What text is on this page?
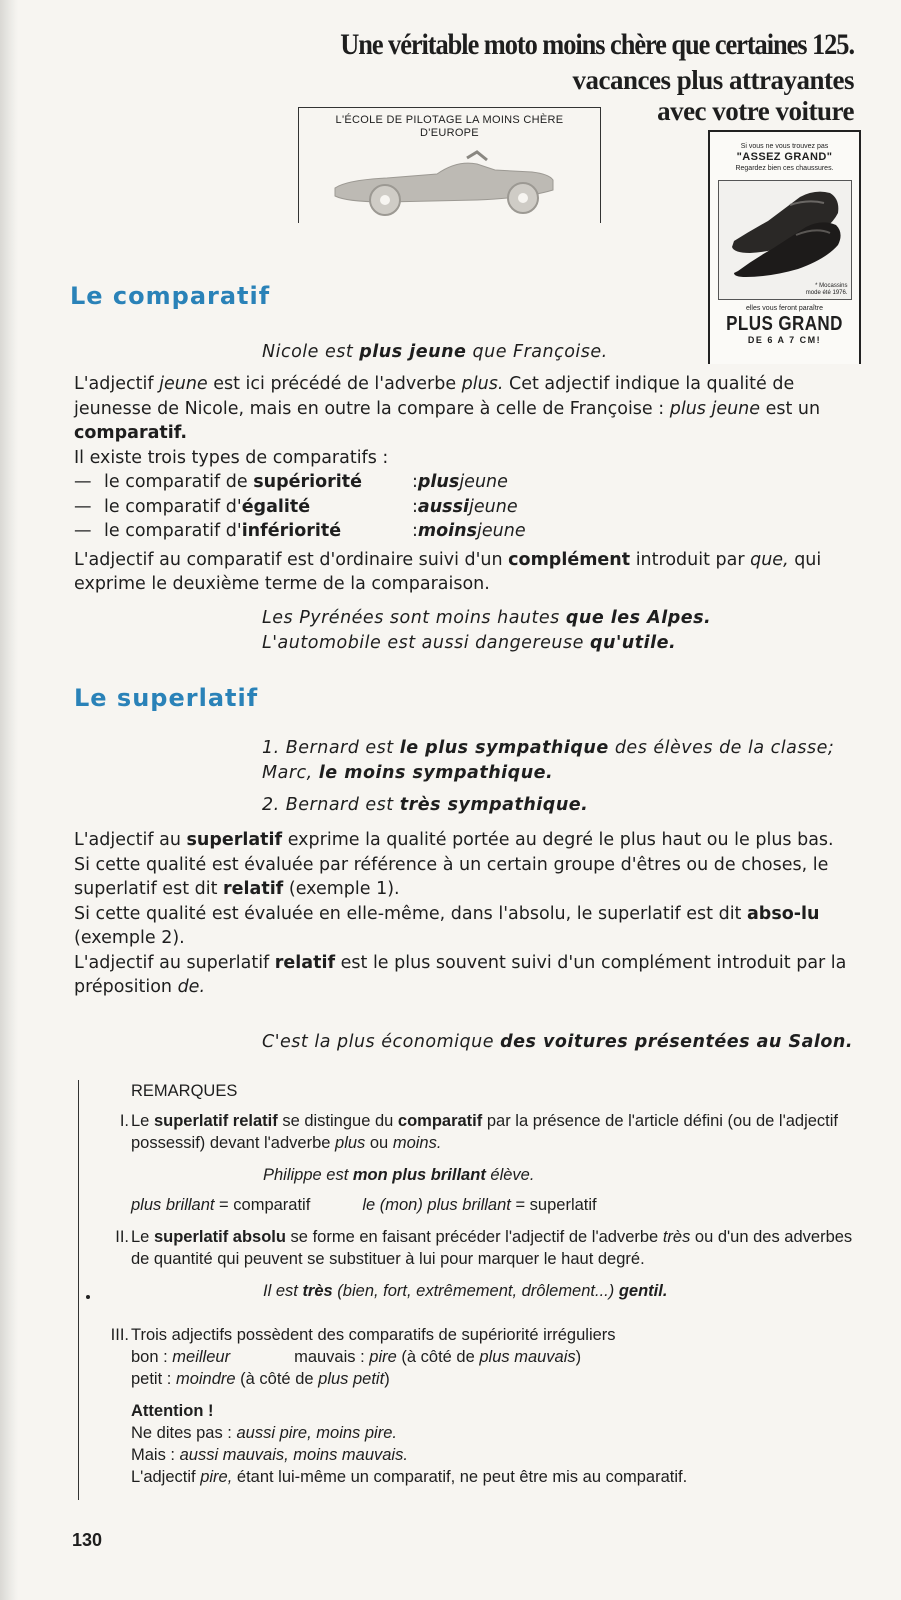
Une véritable moto moins chère que certaines 125.
vacances plus attrayantes
avec votre voiture
L'ÉCOLE DE PILOTAGE LA MOINS CHÈRE
D'EUROPE
Si vous ne vous trouvez pas
"ASSEZ GRAND"
Regardez bien ces chaussures.
* Mocassins
mode été 1976.
elles vous feront paraître
PLUS GRAND
DE 6 A 7 CM!
Le comparatif
Nicole est plus jeune que Françoise.

L'adjectif jeune est ici précédé de l'adverbe plus. Cet adjectif indique la qualité de jeunesse de Nicole, mais en outre la compare à celle de Françoise : plus jeune est un comparatif.

Il existe trois types de comparatifs :

— le comparatif de supériorité	: plus jeune
— le comparatif d'égalité	: aussi jeune
— le comparatif d'infériorité	: moins jeune

L'adjectif au comparatif est d'ordinaire suivi d'un complément introduit par que, qui exprime le deuxième terme de la comparaison.

Les Pyrénées sont moins hautes que les Alpes.

L'automobile est aussi dangereuse qu'utile.

Le superlatif

1. Bernard est le plus sympathique des élèves de la classe;

Marc, le moins sympathique.

2. Bernard est très sympathique.

L'adjectif au superlatif exprime la qualité portée au degré le plus haut ou le plus bas.

Si cette qualité est évaluée par référence à un certain groupe d'êtres ou de choses, le superlatif est dit relatif (exemple 1).

Si cette qualité est évaluée en elle-même, dans l'absolu, le superlatif est dit abso-lu (exemple 2).

L'adjectif au superlatif relatif est le plus souvent suivi d'un complément introduit par la préposition de.

C'est la plus économique des voitures présentées au Salon.
REMARQUES
I. Le superlatif relatif se distingue du comparatif par la présence de l'article défini (ou de l'adjectif possessif) devant l'adverbe plus ou moins.

Philippe est mon plus brillant élève.

plus brillant = comparatif	le (mon) plus brillant = superlatif

II. Le superlatif absolu se forme en faisant précéder l'adjectif de l'adverbe très ou d'un des adverbes de quantité qui peuvent se substituer à lui pour marquer le haut degré.

Il est très (bien, fort, extrêmement, drôlement...) gentil.

III. Trois adjectifs possèdent des comparatifs de supériorité irréguliers

bon : meilleur	mauvais : pire (à côté de plus mauvais)

petit : moindre (à côté de plus petit)

Attention !

Ne dites pas : aussi pire, moins pire.

Mais : aussi mauvais, moins mauvais.

L'adjectif pire, étant lui-même un comparatif, ne peut être mis au comparatif.

130
